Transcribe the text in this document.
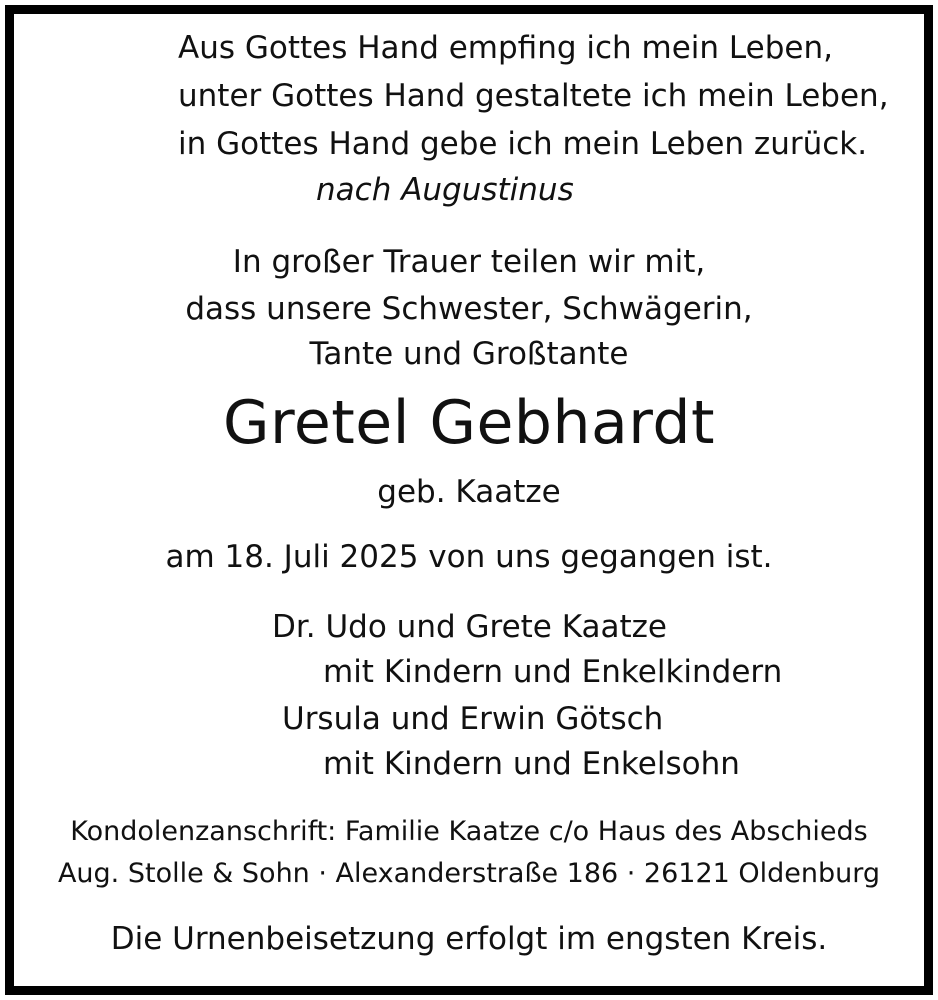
Aus Gottes Hand empfing ich mein Leben,
unter Gottes Hand gestaltete ich mein Leben,
in Gottes Hand gebe ich mein Leben zurück.
nach Augustinus
In großer Trauer teilen wir mit,
dass unsere Schwester, Schwägerin,
Tante und Großtante
Gretel Gebhardt
geb. Kaatze
am 18. Juli 2025 von uns gegangen ist.
Dr. Udo und Grete Kaatze
mit Kindern und Enkelkindern
Ursula und Erwin Götsch
mit Kindern und Enkelsohn
Kondolenzanschrift: Familie Kaatze c/o Haus des Abschieds
Aug. Stolle & Sohn · Alexanderstraße 186 · 26121 Oldenburg
Die Urnenbeisetzung erfolgt im engsten Kreis.
